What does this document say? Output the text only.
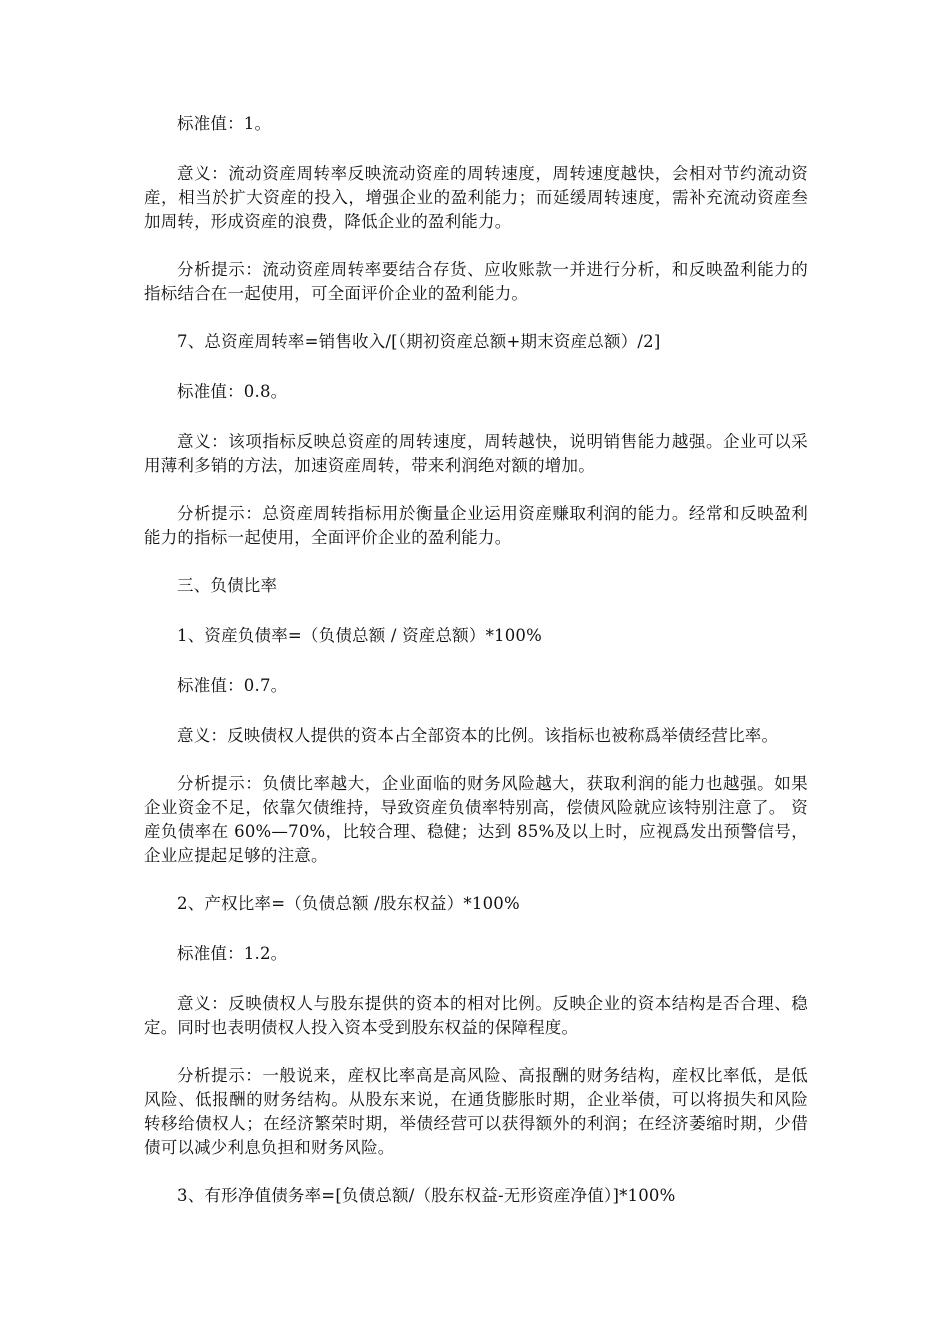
标准值：1。

意义：流动资産周转率反映流动资産的周转速度，周转速度越快，会相对节约流动资産，相当於扩大资産的投入，增强企业的盈利能力；而延缓周转速度，需补充流动资産叁加周转，形成资産的浪费，降低企业的盈利能力。

分析提示：流动资産周转率要结合存货、应收账款一并进行分析，和反映盈利能力的指标结合在一起使用，可全面评价企业的盈利能力。

7、总资産周转率=销售收入/[（期初资産总额+期末资産总额）/2]

标准值：0.8。

意义：该项指标反映总资産的周转速度，周转越快，说明销售能力越强。企业可以采用薄利多销的方法，加速资産周转，带来利润绝对额的增加。

分析提示：总资産周转指标用於衡量企业运用资産赚取利润的能力。经常和反映盈利能力的指标一起使用，全面评价企业的盈利能力。

三、负债比率

1、资産负债率=（负债总额 / 资産总额）*100%

标准值：0.7。

意义：反映债权人提供的资本占全部资本的比例。该指标也被称爲举债经营比率。

分析提示：负债比率越大，企业面临的财务风险越大，获取利润的能力也越强。如果企业资金不足，依靠欠债维持，导致资産负债率特别高，偿债风险就应该特别注意了。 资産负债率在 60%—70%，比较合理、稳健；达到 85%及以上时，应视爲发出预警信号，企业应提起足够的注意。

2、产权比率=（负债总额 /股东权益）*100%

标准值：1.2。

意义：反映债权人与股东提供的资本的相对比例。反映企业的资本结构是否合理、稳定。同时也表明债权人投入资本受到股东权益的保障程度。

分析提示：一般说来，産权比率高是高风险、高报酬的财务结构，産权比率低，是低风险、低报酬的财务结构。从股东来说，在通货膨胀时期，企业举债，可以将损失和风险转移给债权人；在经济繁荣时期，举债经营可以获得额外的利润；在经济萎缩时期，少借债可以减少利息负担和财务风险。

3、有形净值债务率=[负债总额/（股东权益-无形资産净值）]*100%
